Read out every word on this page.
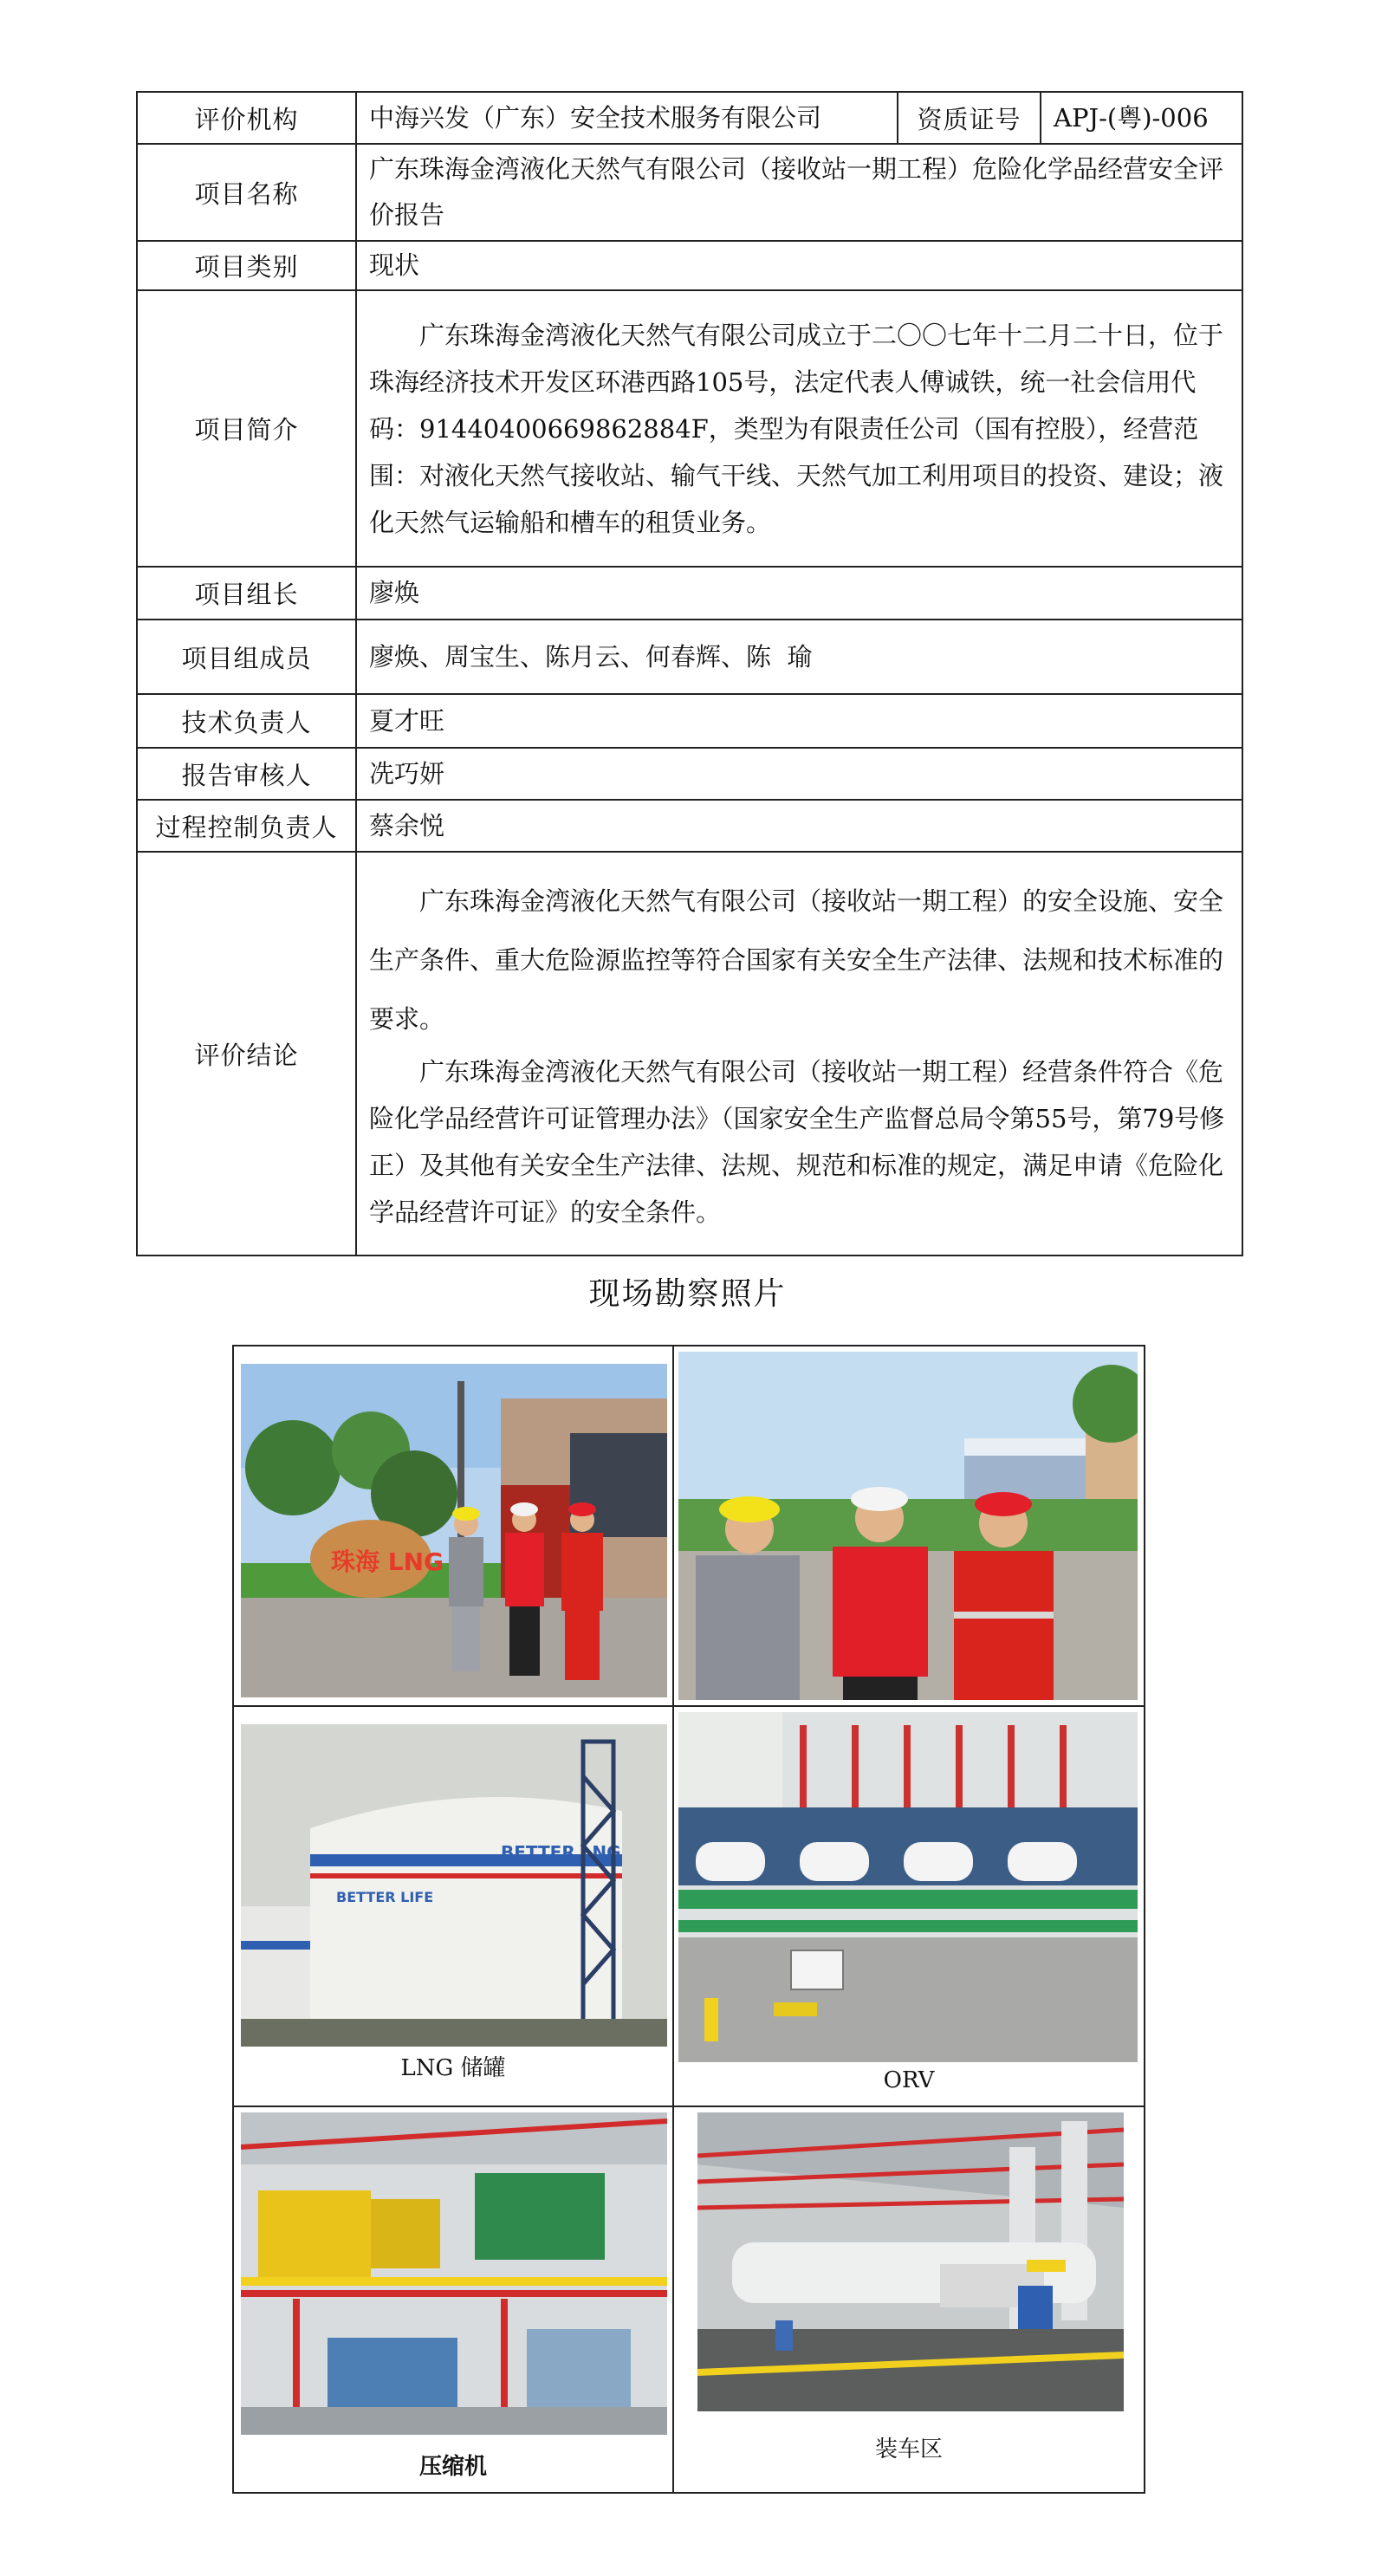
评价机构	中海兴发（广东）安全技术服务有限公司	资质证号	APJ-(粤)-006
项目名称	广东珠海金湾液化天然气有限公司（接收站一期工程）危险化学品经营安全评价报告		
项目类别	现状		
项目简介	广东珠海金湾液化天然气有限公司成立于二〇〇七年十二月二十日，位于珠海经济技术开发区环港西路105号，法定代表人傅诚铁，统一社会信用代码：91440400669862884F，类型为有限责任公司（国有控股），经营范围：对液化天然气接收站、输气干线、天然气加工利用项目的投资、建设；液化天然气运输船和槽车的租赁业务。		

项目组长	廖焕		
项目组成员	廖焕、周宝生、陈月云、何春辉、陈  瑜		
技术负责人	夏才旺		
报告审核人	冼巧妍		
过程控制负责人	蔡余悦		
评价结论	广东珠海金湾液化天然气有限公司（接收站一期工程）的安全设施、安全生产条件、重大危险源监控等符合国家有关安全生产法律、法规和技术标准的要求。
广东珠海金湾液化天然气有限公司（接收站一期工程）经营条件符合《危险化学品经营许可证管理办法》（国家安全生产监督总局令第55号，第79号修正）及其他有关安全生产法律、法规、规范和标准的规定，满足申请《危险化学品经营许可证》的安全条件。		
现场勘察照片
珠海 LNG

BETTER LNG
BETTER LIFE
LNG 储罐	ORV

压缩机	装车区
